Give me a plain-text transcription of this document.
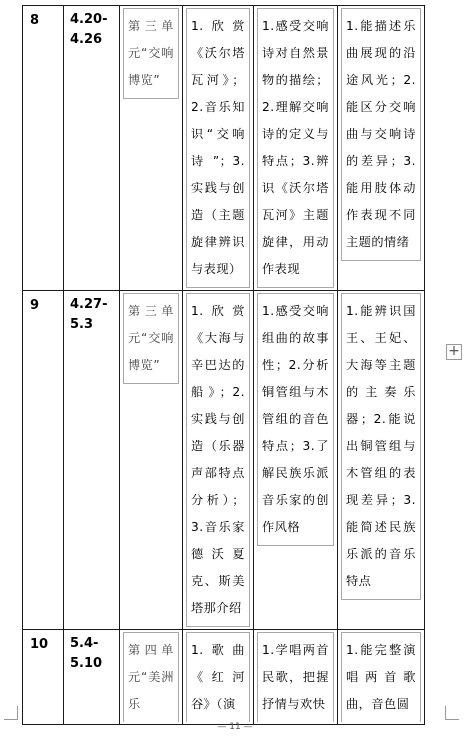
8	4.20-4.26	第三单元“交响博览”	1.欣赏《沃尔塔瓦河》；2.音乐知识“交响诗”；3.实践与创造（主题旋律辨识与表现）	1.感受交响诗对自然景物的描绘；2.理解交响诗的定义与特点；3.辨识《沃尔塔瓦河》主题旋律，用动作表现	1.能描述乐曲展现的沿途风光；2.能区分交响曲与交响诗的差异；3.能用肢体动作表现不同主题的情绪

9	4.27-5.3	第三单元“交响博览”	1.欣赏《大海与辛巴达的船》；2.实践与创造（乐器声部特点分析）；3.音乐家德沃夏克、斯美塔那介绍	1.感受交响组曲的故事性；2.分析铜管组与木管组的音色特点；3.了解民族乐派音乐家的创作风格	1.能辨识国王、王妃、大海等主题的主奏乐器；2.能说出铜管组与木管组的表现差异；3.能简述民族乐派的音乐特点

10	5.4-5.10	第四单元“美洲乐	1.歌曲《红河谷》（演	1.学唱两首民歌，把握抒情与欢快	1.能完整演唱两首歌曲，音色圆
+
— 11 —
